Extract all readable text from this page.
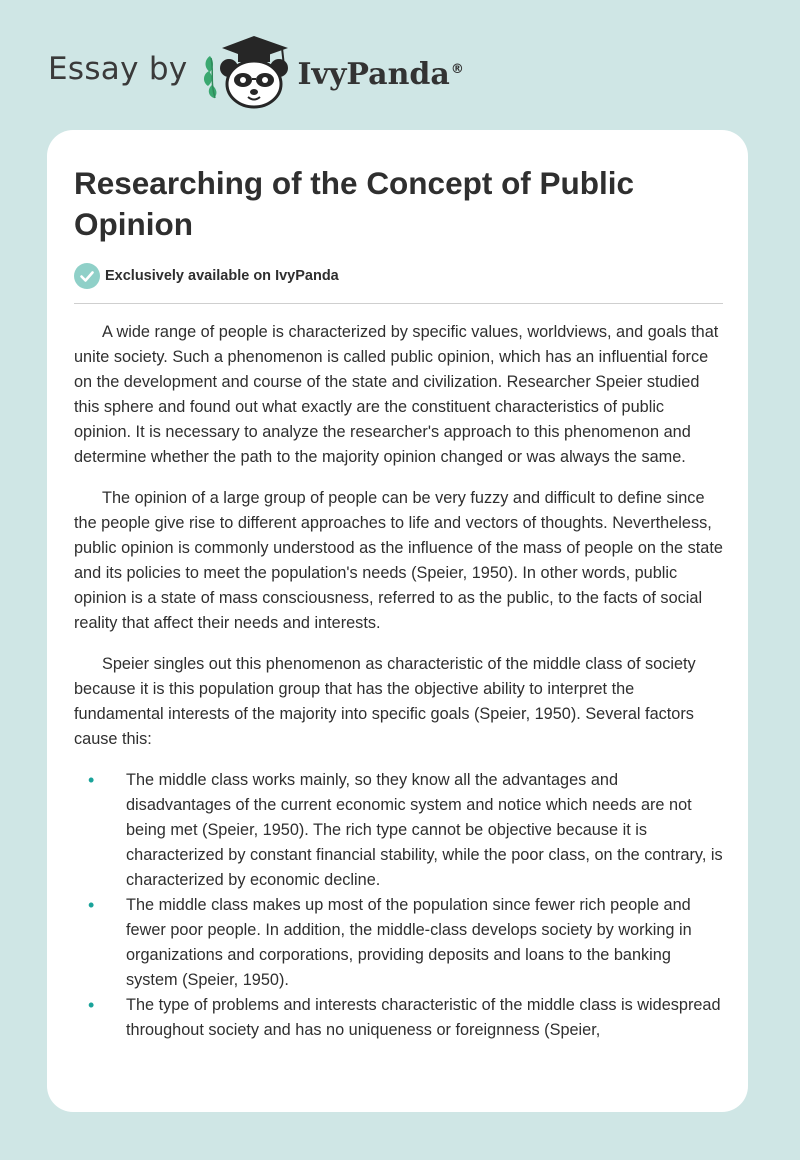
Essay by	IvyPanda®
Researching of the Concept of Public Opinion
Exclusively available on IvyPanda

A wide range of people is characterized by specific values, worldviews, and goals that unite society. Such a phenomenon is called public opinion, which has an influential force on the development and course of the state and civilization. Researcher Speier studied this sphere and found out what exactly are the constituent characteristics of public opinion. It is necessary to analyze the researcher's approach to this phenomenon and determine whether the path to the majority opinion changed or was always the same.

The opinion of a large group of people can be very fuzzy and difficult to define since the people give rise to different approaches to life and vectors of thoughts. Nevertheless, public opinion is commonly understood as the influence of the mass of people on the state and its policies to meet the population's needs (Speier, 1950). In other words, public opinion is a state of mass consciousness, referred to as the public, to the facts of social reality that affect their needs and interests.

Speier singles out this phenomenon as characteristic of the middle class of society because it is this population group that has the objective ability to interpret the fundamental interests of the majority into specific goals (Speier, 1950). Several factors cause this:

• The middle class works mainly, so they know all the advantages and disadvantages of the current economic system and notice which needs are not being met (Speier, 1950). The rich type cannot be objective because it is characterized by constant financial stability, while the poor class, on the contrary, is characterized by economic decline.
• The middle class makes up most of the population since fewer rich people and fewer poor people. In addition, the middle-class develops society by working in organizations and corporations, providing deposits and loans to the banking system (Speier, 1950).
• The type of problems and interests characteristic of the middle class is widespread throughout society and has no uniqueness or foreignness (Speier,
